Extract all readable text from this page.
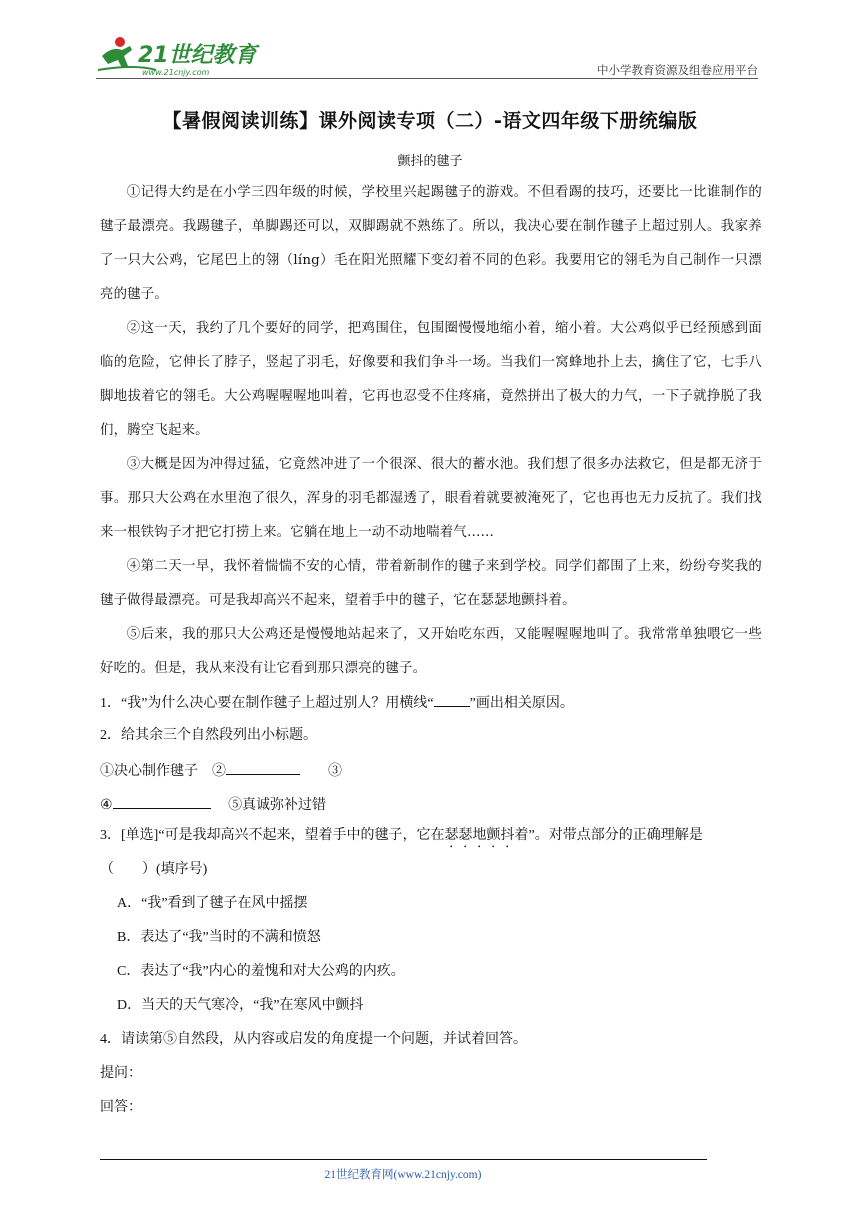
21世纪教育
www.21cnjy.com	中小学教育资源及组卷应用平台
【暑假阅读训练】课外阅读专项（二）-语文四年级下册统编版
颤抖的毽子
①记得大约是在小学三四年级的时候，学校里兴起踢毽子的游戏。不但看踢的技巧，还要比一比谁制作的毽子最漂亮。我踢毽子，单脚踢还可以，双脚踢就不熟练了。所以，我决心要在制作毽子上超过别人。我家养了一只大公鸡，它尾巴上的翎（líng）毛在阳光照耀下变幻着不同的色彩。我要用它的翎毛为自己制作一只漂亮的毽子。
②这一天，我约了几个要好的同学，把鸡围住，包围圈慢慢地缩小着，缩小着。大公鸡似乎已经预感到面临的危险，它伸长了脖子，竖起了羽毛，好像要和我们争斗一场。当我们一窝蜂地扑上去，擒住了它，七手八脚地拔着它的翎毛。大公鸡喔喔喔地叫着，它再也忍受不住疼痛，竟然拼出了极大的力气，一下子就挣脱了我们，腾空飞起来。
③大概是因为冲得过猛，它竟然冲进了一个很深、很大的蓄水池。我们想了很多办法救它，但是都无济于事。那只大公鸡在水里泡了很久，浑身的羽毛都湿透了，眼看着就要被淹死了，它也再也无力反抗了。我们找来一根铁钩子才把它打捞上来。它躺在地上一动不动地喘着气……
④第二天一早，我怀着惴惴不安的心情，带着新制作的毽子来到学校。同学们都围了上来，纷纷夸奖我的毽子做得最漂亮。可是我却高兴不起来，望着手中的毽子，它在瑟瑟地颤抖着。
⑤后来，我的那只大公鸡还是慢慢地站起来了，又开始吃东西，又能喔喔喔地叫了。我常常单独喂它一些好吃的。但是，我从来没有让它看到那只漂亮的毽子。
1．“我”为什么决心要在制作毽子上超过别人？用横线“	”画出相关原因。
2．给其余三个自然段列出小标题。
①决心制作毽子　②　　	③
④　	⑤真诚弥补过错
3．[单选]“可是我却高兴不起来，望着手中的毽子，它在瑟瑟地颤抖着”。对带点部分的正确理解是
（　　）(填序号)
A．“我”看到了毽子在风中摇摆
B．表达了“我”当时的不满和愤怒
C．表达了“我”内心的羞愧和对大公鸡的内疚。
D．当天的天气寒冷，“我”在寒风中颤抖
4．请读第⑤自然段，从内容或启发的角度提一个问题，并试着回答。
提问：
回答：
21世纪教育网(www.21cnjy.com)
